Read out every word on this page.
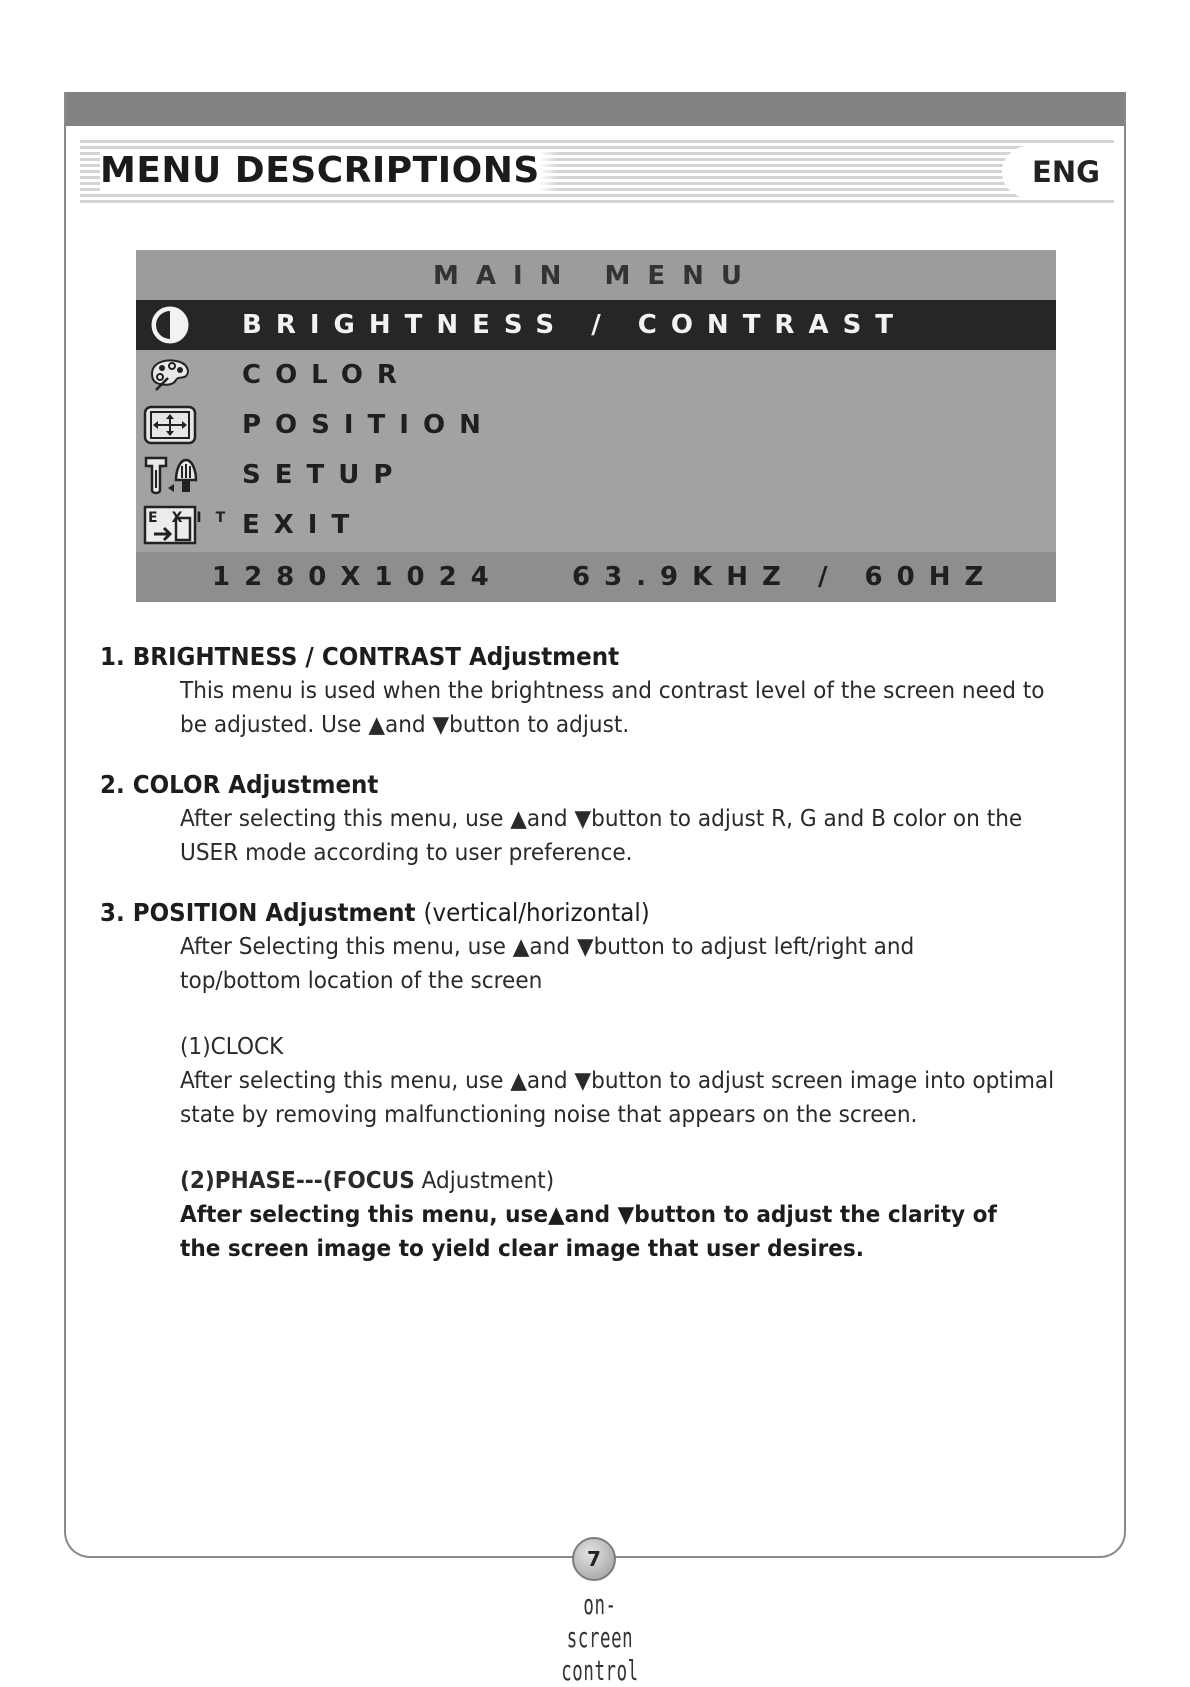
MENU DESCRIPTIONS	ENG
MAIN MENU
BRIGHTNESS / CONTRAST
COLOR
POSITION
SETUP
EXIT EXIT
1280X1024	63.9KHZ / 60HZ

1. BRIGHTNESS / CONTRAST Adjustment

This menu is used when the brightness and contrast level of the screen need to be adjusted. Use ▲and ▼button to adjust.

2. COLOR Adjustment

After selecting this menu, use ▲and ▼button to adjust R, G and B color on the USER mode according to user preference.

3. POSITION Adjustment (vertical/horizontal)

After Selecting this menu, use ▲and ▼button to adjust left/right and top/bottom location of the screen

(1)CLOCK

After selecting this menu, use ▲and ▼button to adjust screen image into optimal state by removing malfunctioning noise that appears on the screen.

(2)PHASE---(FOCUS Adjustment)

After selecting this menu, use▲and ▼button to adjust the clarity of the screen image to yield clear image that user desires.

7
on-screen control
